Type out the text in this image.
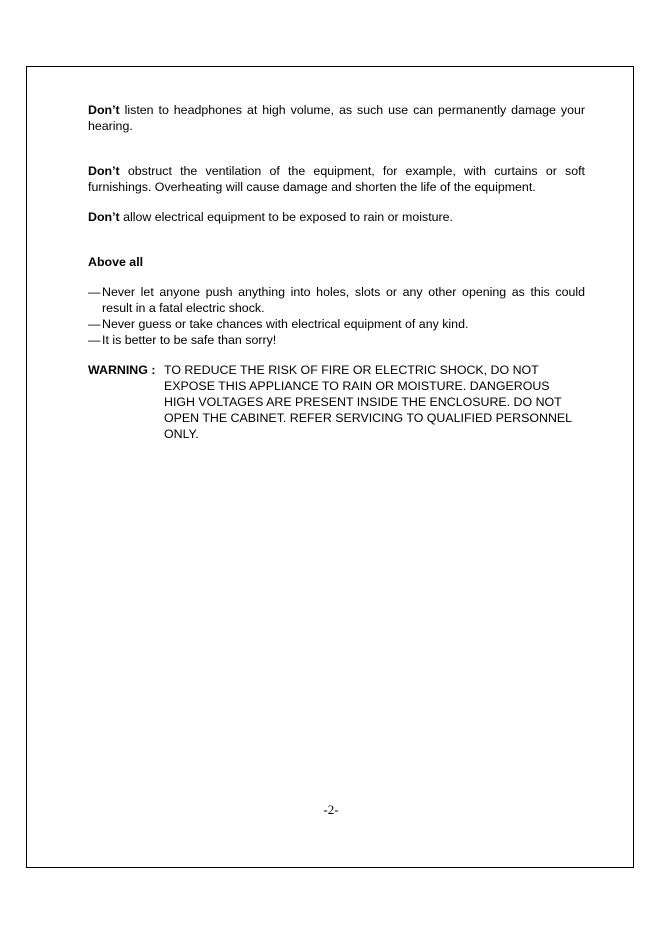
Don’t listen to headphones at high volume, as such use can permanently damage your hearing.

Don’t obstruct the ventilation of the equipment, for example, with curtains or soft furnishings. Overheating will cause damage and shorten the life of the equipment.

Don’t allow electrical equipment to be exposed to rain or moisture.

Above all

— Never let anyone push anything into holes, slots or any other opening as this could result in a fatal electric shock.
— Never guess or take chances with electrical equipment of any kind.
— It is better to be safe than sorry!
WARNING : TO REDUCE THE RISK OF FIRE OR ELECTRIC SHOCK, DO NOT EXPOSE THIS APPLIANCE TO RAIN OR MOISTURE. DANGEROUS HIGH VOLTAGES ARE PRESENT INSIDE THE ENCLOSURE. DO NOT OPEN THE CABINET. REFER SERVICING TO QUALIFIED PERSONNEL ONLY.
-2-
